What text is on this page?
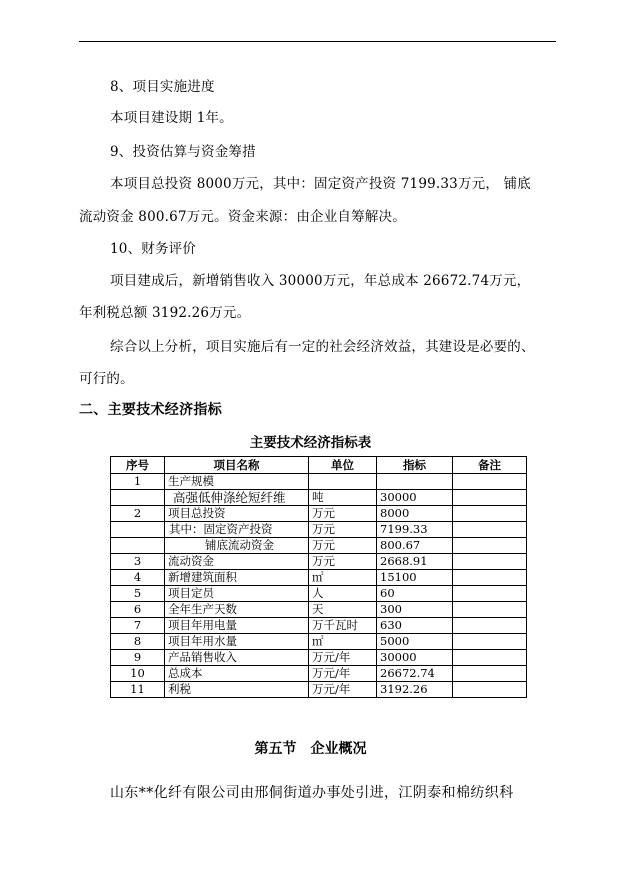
8、项目实施进度
本项目建设期 1年。
9、投资估算与资金筹措
本项目总投资 8000万元，其中：固定资产投资 7199.33万元， 铺底
流动资金 800.67万元。资金来源：由企业自筹解决。
10、财务评价
项目建成后，新增销售收入 30000万元，年总成本 26672.74万元，
年利税总额 3192.26万元。
综合以上分析，项目实施后有一定的社会经济效益，其建设是必要的、
可行的。
二、主要技术经济指标
主要技术经济指标表
序号	项目名称	单位	指标	备注
1	生产规模			
	高强低伸涤纶短纤维	吨	30000	
2	项目总投资	万元	8000	
	其中：固定资产投资	万元	7199.33	
	铺底流动资金	万元	800.67	
3	流动资金	万元	2668.91	
4	新增建筑面积	㎡	15100	
5	项目定员	人	60	
6	全年生产天数	天	300	
7	项目年用电量	万千瓦时	630	
8	项目年用水量	㎡	5000	
9	产品销售收入	万元/年	30000	
10	总成本	万元/年	26672.74	
11	利税	万元/年	3192.26	
第五节　企业概况
山东**化纤有限公司由邢侗街道办事处引进，江阴泰和棉纺织科
